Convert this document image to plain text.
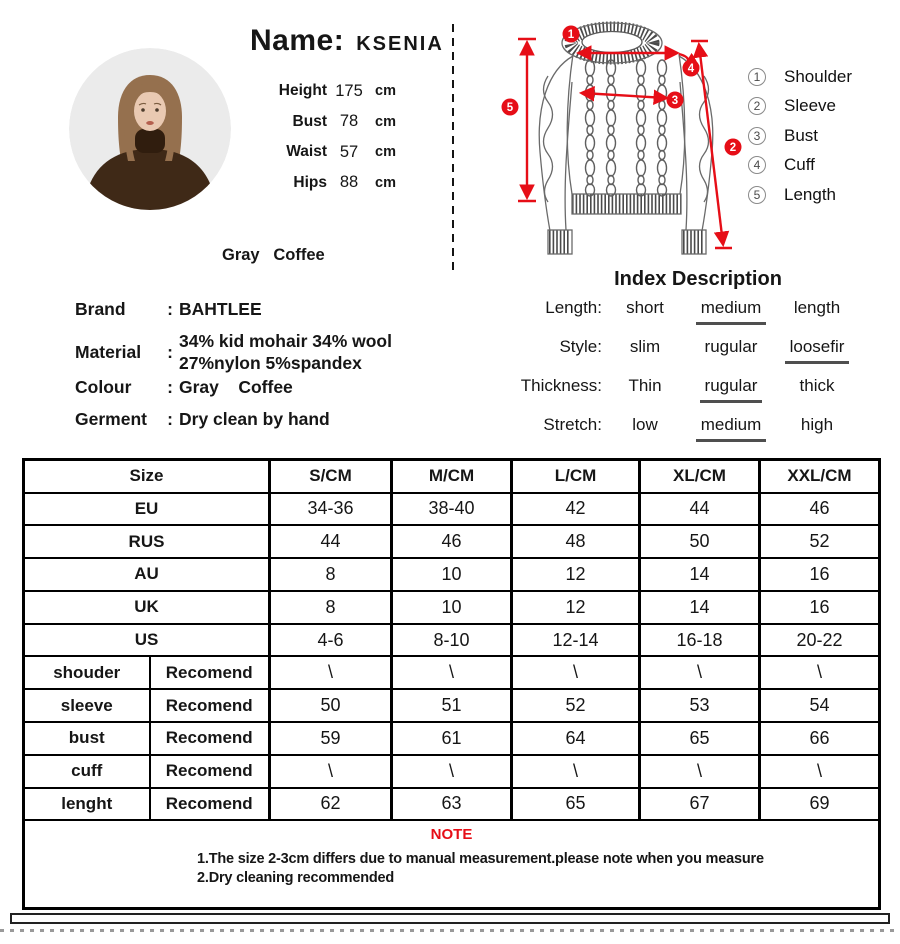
Name: KSENIA
Height 175 cm
Bust 78	cm
Waist 57	cm
Hips 88	cm
Gray   Coffee
Brand	: BAHTLEE
Material	:
34% kid mohair 34% wool
27%nylon 5%spandex
Colour	: Gray    Coffee
Germent	: Dry clean by hand
1
2
3
4
5
1	Shoulder
2	Sleeve
3	Bust
4	Cuff
5	Length
Index Description
Length: short medium length
Style: slim	rugular loosefir
Thickness: Thin	rugular thick
Stretch: low	medium high
Size		S/CM	M/CM	L/CM	XL/CM	XXL/CM
EU		34-36	38-40	42	44	46
RUS		44	46	48	50	52
AU		8	10	12	14	16
UK		8	10	12	14	16
US		4-6	8-10	12-14	16-18	20-22
shouder	Recomend	\	\	\	\	\
sleeve	Recomend	50	51	52	53	54
bust	Recomend	59	61	64	65	66
cuff	Recomend	\	\	\	\	\
lenght	Recomend	62	63	65	67	69

NOTE
1.The size 2-3cm differs due to manual measurement.please note when you measure
2.Dry cleaning recommended						
